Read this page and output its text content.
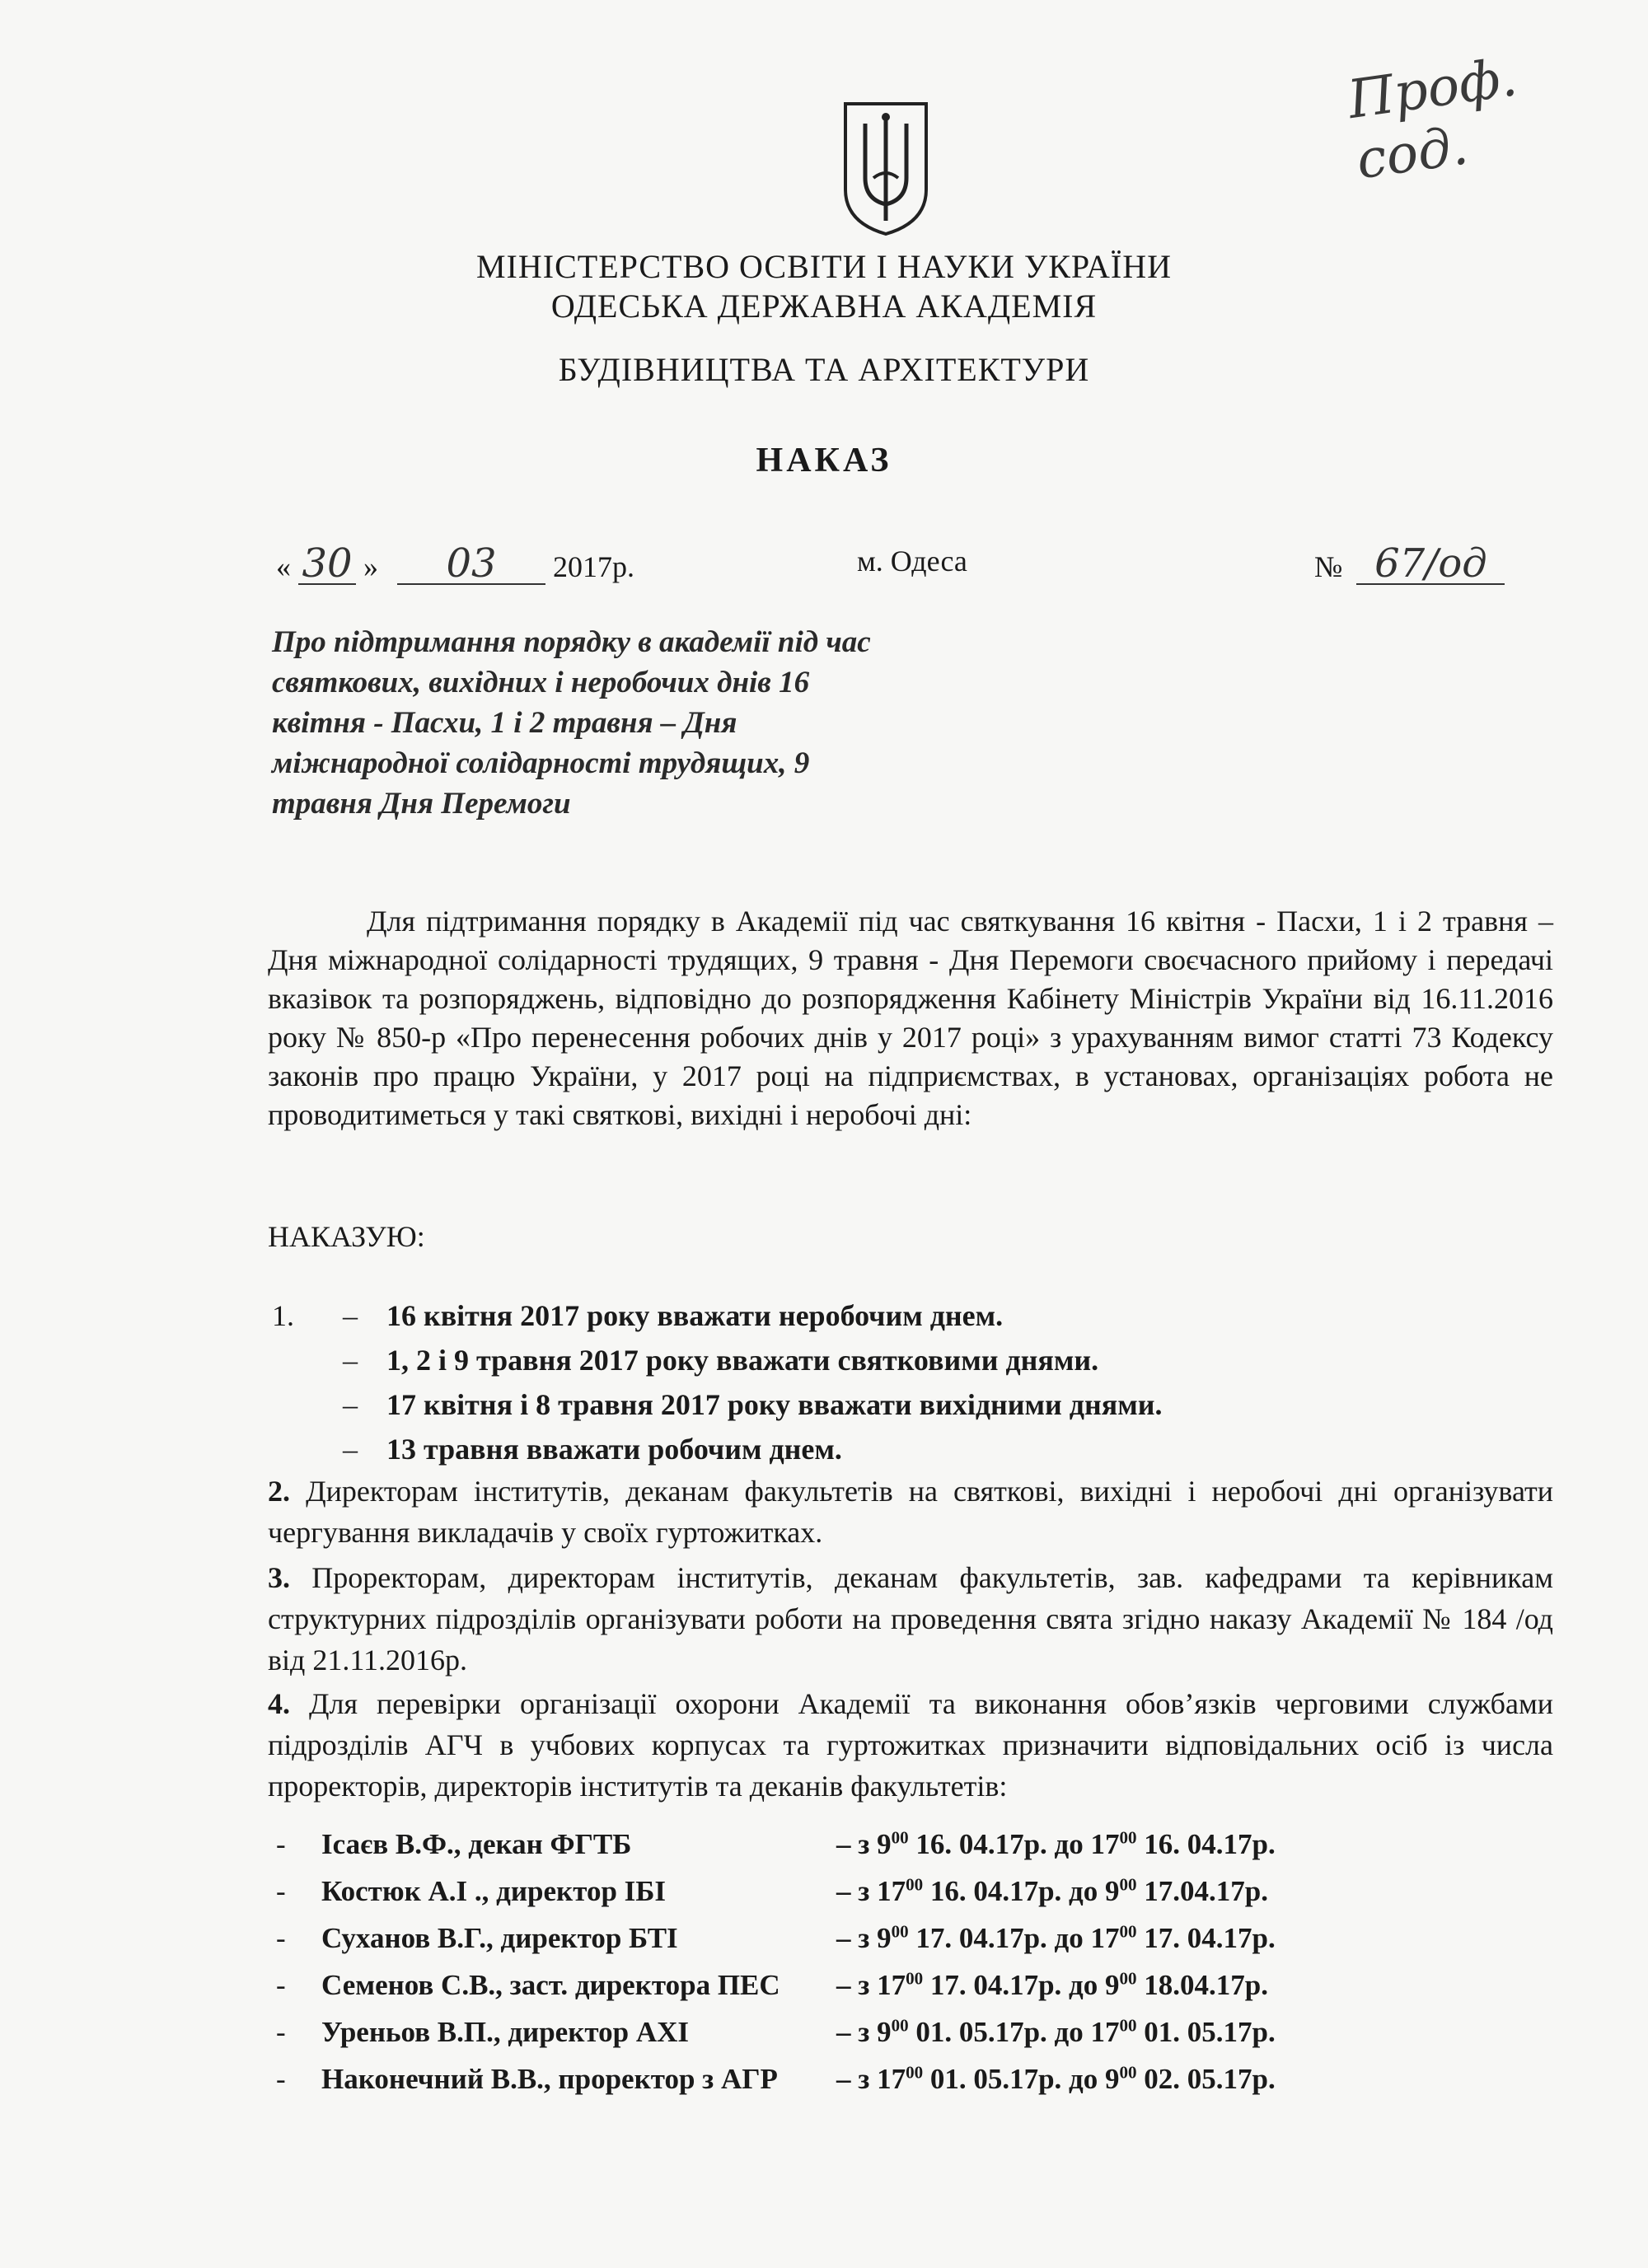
Проф. сод.
МІНІСТЕРСТВО ОСВІТИ І НАУКИ УКРАЇНИ
ОДЕСЬКА ДЕРЖАВНА АКАДЕМІЯ
БУДІВНИЦТВА ТА АРХІТЕКТУРИ
НАКАЗ
« 30 » 03 2017р.	м. Одеса	№ 67/од
Про підтримання порядку в академії під час святкових, вихідних і неробочих днів 16 квітня - Пасхи, 1 і 2 травня – Дня міжнародної солідарності трудящих, 9 травня Дня Перемоги
Для підтримання порядку в Академії під час святкування 16 квітня - Пасхи, 1 і 2 травня – Дня міжнародної солідарності трудящих, 9 травня - Дня Перемоги своєчасного прийому і передачі вказівок та розпоряджень, відповідно до розпорядження Кабінету Міністрів України від 16.11.2016 року № 850-р «Про перенесення робочих днів у 2017 році» з урахуванням вимог статті 73 Кодексу законів про працю України, у 2017 році на підприємствах, в установах, організаціях робота не проводитиметься у такі святкові, вихідні і неробочі дні:
НАКАЗУЮ:
1. – 16 квітня 2017 року вважати неробочим днем.
– 1, 2 і 9 травня 2017 року вважати святковими днями.
– 17 квітня і 8 травня 2017 року вважати вихідними днями.
– 13 травня вважати робочим днем.
2. Директорам інститутів, деканам факультетів на святкові, вихідні і неробочі дні організувати чергування викладачів у своїх гуртожитках.
3. Проректорам, директорам інститутів, деканам факультетів, зав. кафедрами та керівникам структурних підрозділів організувати роботи на проведення свята згідно наказу Академії № 184 /од від 21.11.2016р.
4. Для перевірки організації охорони Академії та виконання обов’язків черговими службами підрозділів АГЧ в учбових корпусах та гуртожитках призначити відповідальних осіб із числа проректорів, директорів інститутів та деканів факультетів:
- Ісаєв В.Ф., декан ФГТБ	– з $9^{00}$ 16. 04.17р. до $17^{00}$ 16. 04.17р.
- Костюк А.І ., директор ІБІ	– з $17^{00}$ 16. 04.17р. до $9^{00}$ 17.04.17р.
- Суханов В.Г., директор БТІ	– з $9^{00}$ 17. 04.17р. до $17^{00}$ 17. 04.17р.
- Семенов С.В., заст. директора ПЕС – з $17^{00}$ 17. 04.17р. до $9^{00}$ 18.04.17р.
- Уреньов В.П., директор АХІ	– з $9^{00}$ 01. 05.17р. до $17^{00}$ 01. 05.17р.
- Наконечний В.В., проректор з АГР – з $17^{00}$ 01. 05.17р. до $9^{00}$ 02. 05.17р.
